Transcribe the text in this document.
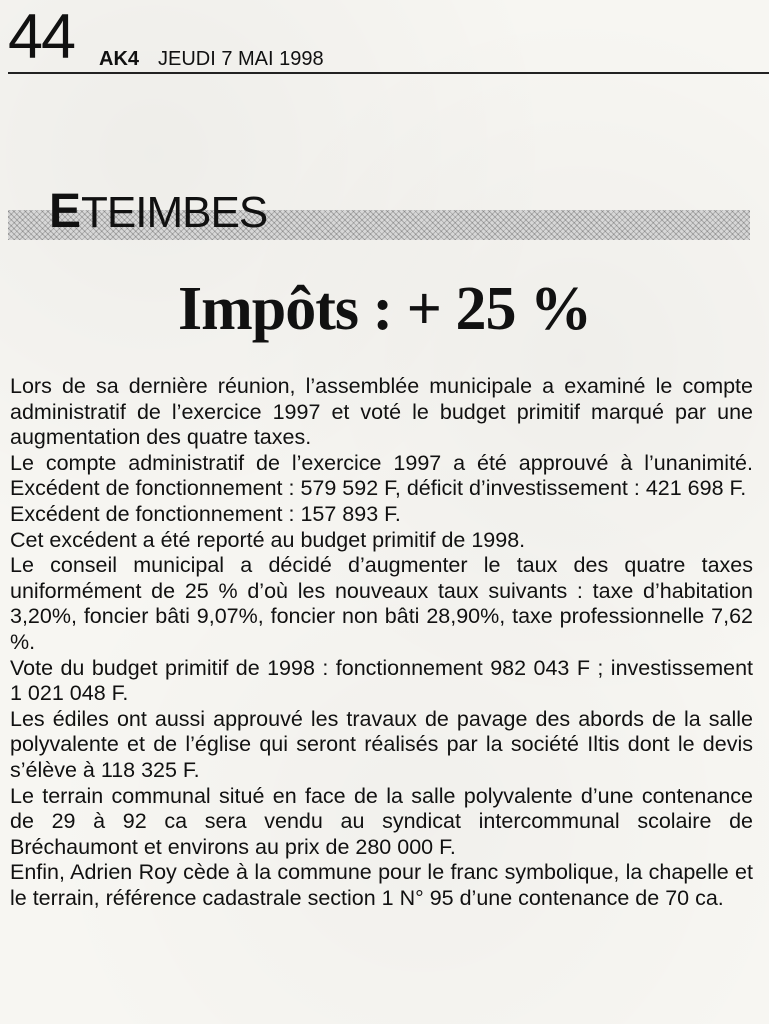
44 AK4 JEUDI 7 MAI 1998
ETEIMBES
Impôts : + 25 %

Lors de sa dernière réunion, l’assemblée municipale a examiné le compte administratif de l’exercice 1997 et voté le budget primitif marqué par une augmentation des quatre taxes.

Le compte administratif de l’exercice 1997 a été approuvé à l’unanimité. Excédent de fonctionnement : 579 592 F, déficit d’investissement : 421 698 F.

Excédent de fonctionnement : 157 893 F.

Cet excédent a été reporté au budget primitif de 1998.

Le conseil municipal a décidé d’augmenter le taux des quatre taxes uniformément de 25 % d’où les nouveaux taux suivants : taxe d’habitation 3,20%, foncier bâti 9,07%, foncier non bâti 28,90%, taxe professionnelle 7,62 %.

Vote du budget primitif de 1998 : fonctionnement 982 043 F ; investissement 1 021 048 F.

Les édiles ont aussi approuvé les travaux de pavage des abords de la salle polyvalente et de l’église qui seront réalisés par la société Iltis dont le devis s’élève à 118 325 F.

Le terrain communal situé en face de la salle polyvalente d’une contenance de 29 à 92 ca sera vendu au syndicat intercommunal scolaire de Bréchaumont et environs au prix de 280 000 F.

Enfin, Adrien Roy cède à la commune pour le franc symbolique, la chapelle et le terrain, référence cadastrale section 1 N° 95 d’une contenance de 70 ca.
